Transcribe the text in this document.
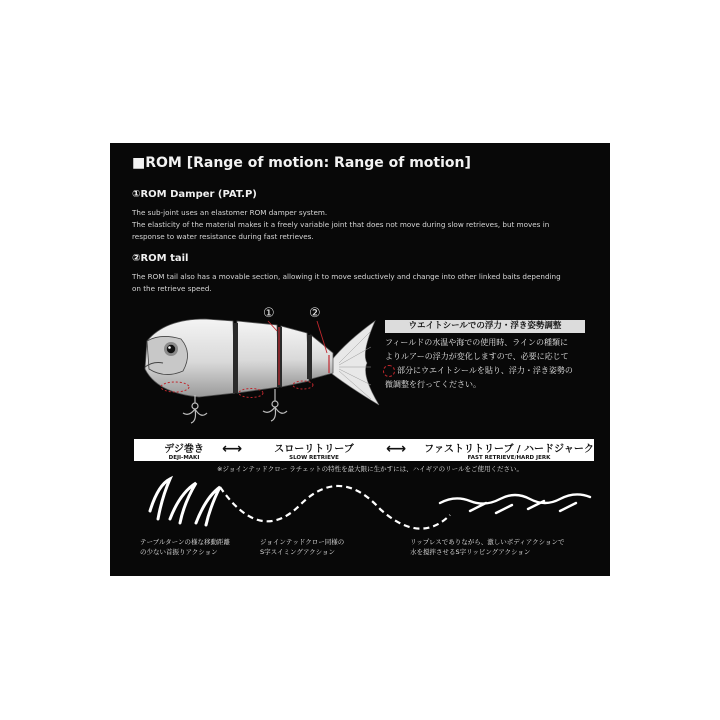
■ROM [Range of motion: Range of motion]
①ROM Damper (PAT.P)
The sub-joint uses an elastomer ROM damper system.
The elasticity of the material makes it a freely variable joint that does not move during slow retrieves, but moves in
response to water resistance during fast retrieves.
②ROM tail
The ROM tail also has a movable section, allowing it to move seductively and change into other linked baits depending
on the retrieve speed.
①	②
ウエイトシールでの浮力・浮き姿勢調整
フィールドの水温や海での使用時、ラインの種類に
よりルアーの浮力が変化しますので、必要に応じて
部分にウエイトシールを貼り、浮力・浮き姿勢の
微調整を行ってください。
デジ巻き
DEJI-MAKI
⟷	スローリトリーブ
SLOW RETRIEVE
⟷ ファストリトリーブ / ハードジャーク
FAST RETRIEVE/HARD JERK
※ジョインテッドクロー ラチェットの特性を最大限に生かすには、ハイギアのリールをご使用ください。
テーブルターンの様な移動距離
の少ない首振りアクション
ジョインテッドクロー同様の
S字スイミングアクション
リップレスでありながら、激しいボディアクションで
水を撹拌させるS字リッピングアクション
